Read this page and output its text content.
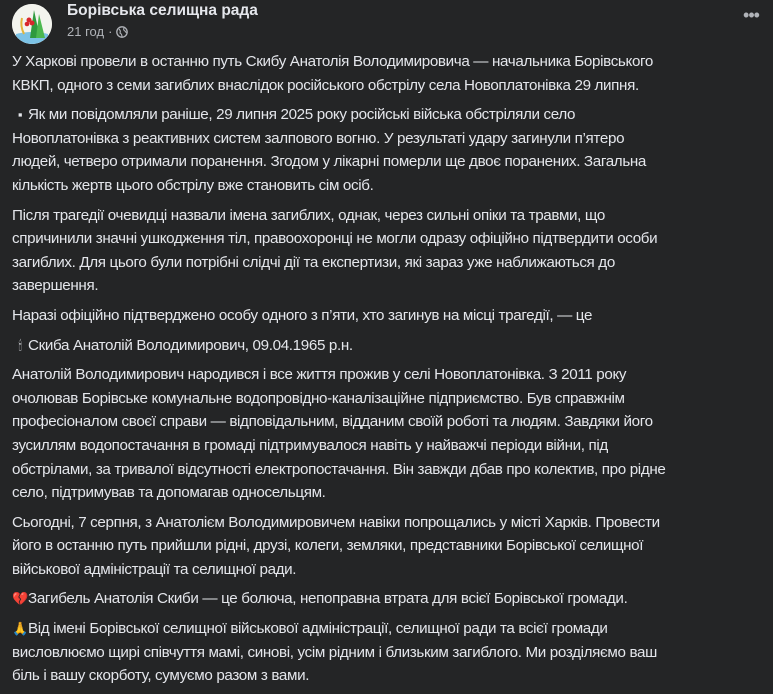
Борівська селищна рада
21 год ·
•••
У Харкові провели в останню путь Скибу Анатолія Володимировича — начальника Борівського
КВКП, одного з семи загиблих внаслідок російського обстрілу села Новоплатонівка 29 липня.
▪ Як ми повідомляли раніше, 29 липня 2025 року російські війська обстріляли село
Новоплатонівка з реактивних систем залпового вогню. У результаті удару загинули п’ятеро
людей, четверо отримали поранення. Згодом у лікарні померли ще двоє поранених. Загальна
кількість жертв цього обстрілу вже становить сім осіб.
Після трагедії очевидці назвали імена загиблих, однак, через сильні опіки та травми, що
спричинили значні ушкодження тіл, правоохоронці не могли одразу офіційно підтвердити особи
загиблих. Для цього були потрібні слідчі дії та експертизи, які зараз уже наближаються до
завершення.
Наразі офіційно підтверджено особу одного з п’яти, хто загинув на місці трагедії, — це
🕯 Скиба Анатолій Володимирович, 09.04.1965 р.н.
Анатолій Володимирович народився і все життя прожив у селі Новоплатонівка. З 2011 року
очолював Борівське комунальне водопровідно-каналізаційне підприємство. Був справжнім
професіоналом своєї справи — відповідальним, відданим своїй роботі та людям. Завдяки його
зусиллям водопостачання в громаді підтримувалося навіть у найважчі періоди війни, під
обстрілами, за тривалої відсутності електропостачання. Він завжди дбав про колектив, про рідне
село, підтримував та допомагав односельцям.
Сьогодні, 7 серпня, з Анатолієм Володимировичем навіки попрощались у місті Харків. Провести
його в останню путь прийшли рідні, друзі, колеги, земляки, представники Борівської селищної
військової адміністрації та селищної ради.
💔Загибель Анатолія Скиби — це болюча, непоправна втрата для всієї Борівської громади.
🙏Від імені Борівської селищної військової адміністрації, селищної ради та всієї громади
висловлюємо щирі співчуття мамі, синові, усім рідним і близьким загиблого. Ми розділяємо ваш
біль і вашу скорботу, сумуємо разом з вами.
